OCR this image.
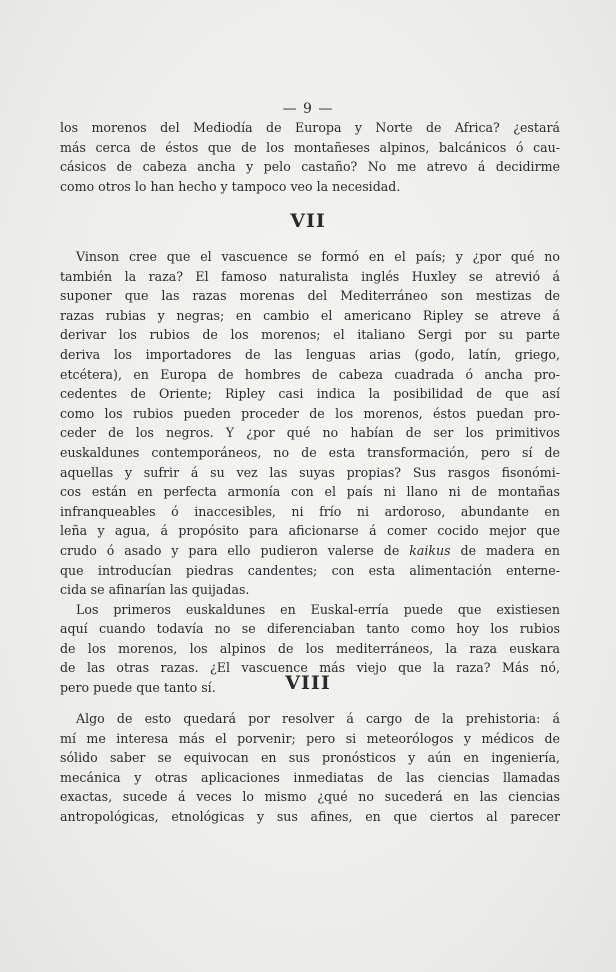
— 9 —
los morenos del Mediodía de Europa y Norte de Africa? ¿estará
más cerca de éstos que de los montañeses alpinos, balcánicos ó cau-
cásicos de cabeza ancha y pelo castaño? No me atrevo á decidirme
como otros lo han hecho y tampoco veo la necesidad.
VII
Vinson cree que el vascuence se formó en el país; y ¿por qué no
también la raza? El famoso naturalista inglés Huxley se atrevió á
suponer que las razas morenas del Mediterráneo son mestizas de
razas rubias y negras; en cambio el americano Ripley se atreve á
derivar los rubios de los morenos; el italiano Sergi por su parte
deriva los importadores de las lenguas arias (godo, latín, griego,
etcétera), en Europa de hombres de cabeza cuadrada ó ancha pro-
cedentes de Oriente; Ripley casi indica la posibilidad de que así
como los rubios pueden proceder de los morenos, éstos puedan pro-
ceder de los negros. Y ¿por qué no habían de ser los primitivos
euskaldunes contemporáneos, no de esta transformación, pero sí de
aquellas y sufrir á su vez las suyas propias? Sus rasgos fisonómi-
cos están en perfecta armonía con el país ni llano ni de montañas
infranqueables ó inaccesibles, ni frío ni ardoroso, abundante en
leña y agua, á propósito para aficionarse á comer cocido mejor que
crudo ó asado y para ello pudieron valerse de kaikus de madera en
que introducían piedras candentes; con esta alimentación enterne-
cida se afinarían las quijadas.
Los primeros euskaldunes en Euskal-erría puede que existiesen
aquí cuando todavía no se diferenciaban tanto como hoy los rubios
de los morenos, los alpinos de los mediterráneos, la raza euskara
de las otras razas. ¿El vascuence más viejo que la raza? Más nó,
pero puede que tanto sí.	VIII
Algo de esto quedará por resolver á cargo de la prehistoria: á
mí me interesa más el porvenir; pero si meteorólogos y médicos de
sólido saber se equivocan en sus pronósticos y aún en ingeniería,
mecánica y otras aplicaciones inmediatas de las ciencias llamadas
exactas, sucede á veces lo mismo ¿qué no sucederá en las ciencias
antropológicas, etnológicas y sus afines, en que ciertos al parecer
